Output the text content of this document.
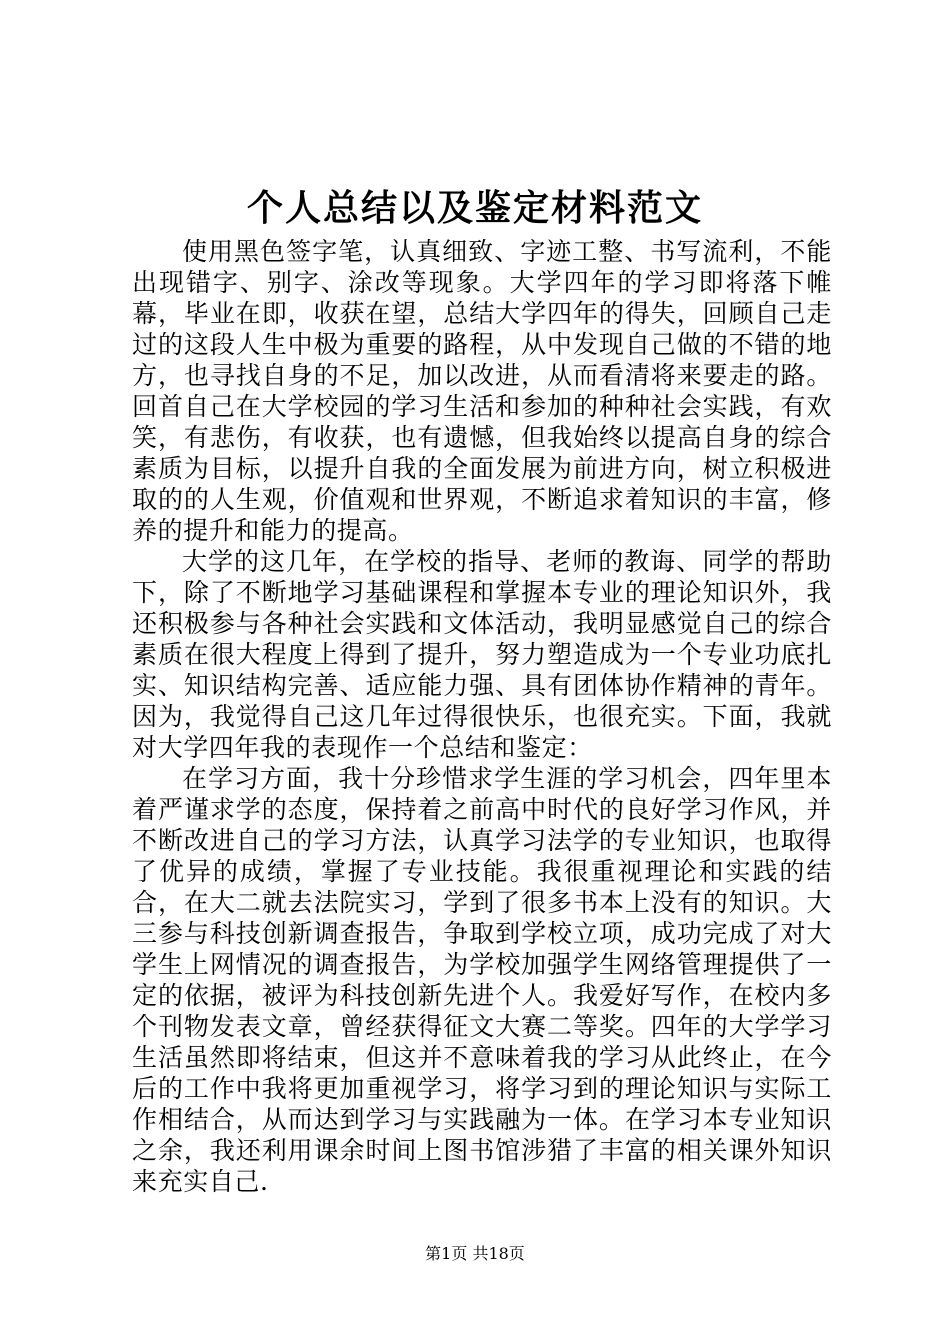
个人总结以及鉴定材料范文

使用黑色签字笔，认真细致、字迹工整、书写流利，不能出现错字、别字、涂改等现象。大学四年的学习即将落下帷幕，毕业在即，收获在望，总结大学四年的得失，回顾自己走过的这段人生中极为重要的路程，从中发现自己做的不错的地方，也寻找自身的不足，加以改进，从而看清将来要走的路。回首自己在大学校园的学习生活和参加的种种社会实践，有欢笑，有悲伤，有收获，也有遗憾，但我始终以提高自身的综合素质为目标，以提升自我的全面发展为前进方向，树立积极进取的的人生观，价值观和世界观，不断追求着知识的丰富，修养的提升和能力的提高。

大学的这几年，在学校的指导、老师的教诲、同学的帮助下，除了不断地学习基础课程和掌握本专业的理论知识外，我还积极参与各种社会实践和文体活动，我明显感觉自己的综合素质在很大程度上得到了提升，努力塑造成为一个专业功底扎实、知识结构完善、适应能力强、具有团体协作精神的青年。因为，我觉得自己这几年过得很快乐，也很充实。下面，我就对大学四年我的表现作一个总结和鉴定：

在学习方面，我十分珍惜求学生涯的学习机会，四年里本着严谨求学的态度，保持着之前高中时代的良好学习作风，并不断改进自己的学习方法，认真学习法学的专业知识，也取得了优异的成绩，掌握了专业技能。我很重视理论和实践的结合，在大二就去法院实习，学到了很多书本上没有的知识。大三参与科技创新调查报告，争取到学校立项，成功完成了对大学生上网情况的调查报告，为学校加强学生网络管理提供了一定的依据，被评为科技创新先进个人。我爱好写作，在校内多个刊物发表文章，曾经获得征文大赛二等奖。四年的大学学习生活虽然即将结束，但这并不意味着我的学习从此终止，在今后的工作中我将更加重视学习，将学习到的理论知识与实际工作相结合，从而达到学习与实践融为一体。在学习本专业知识之余，我还利用课余时间上图书馆涉猎了丰富的相关课外知识来充实自己.

第1页 共18页
